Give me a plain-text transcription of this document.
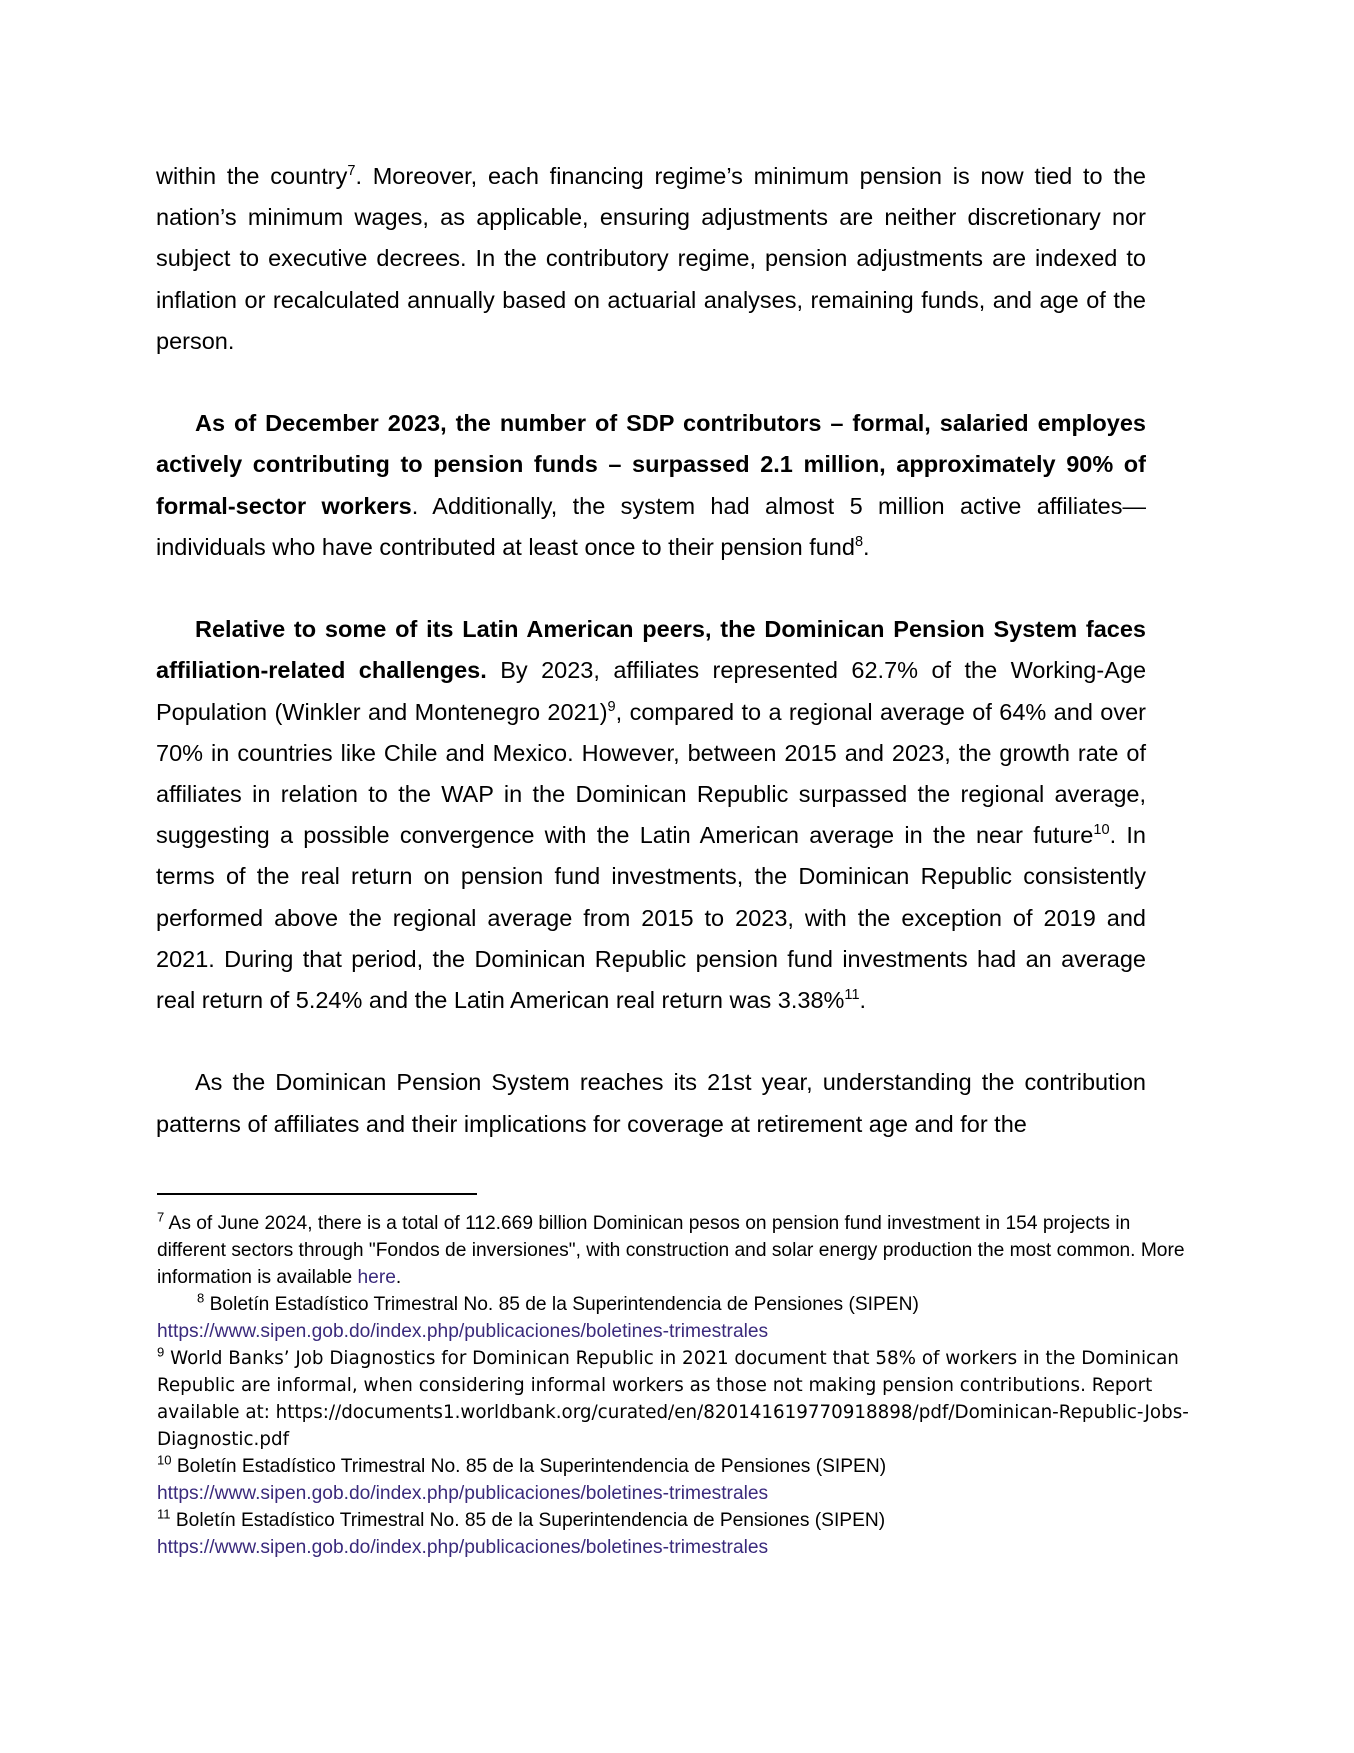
within the country$^7$. Moreover, each financing regime’s minimum pension is now tied to the nation’s minimum wages, as applicable, ensuring adjustments are neither discretionary nor subject to executive decrees. In the contributory regime, pension adjustments are indexed to inflation or recalculated annually based on actuarial analyses, remaining funds, and age of the person.

As of December 2023, the number of SDP contributors – formal, salaried employes actively contributing to pension funds – surpassed 2.1 million, approximately 90% of formal-sector workers. Additionally, the system had almost 5 million active affiliates—individuals who have contributed at least once to their pension fund$^8$.

Relative to some of its Latin American peers, the Dominican Pension System faces affiliation-related challenges. By 2023, affiliates represented 62.7% of the Working-Age Population (Winkler and Montenegro 2021)$^9$, compared to a regional average of 64% and over 70% in countries like Chile and Mexico. However, between 2015 and 2023, the growth rate of affiliates in relation to the WAP in the Dominican Republic surpassed the regional average, suggesting a possible convergence with the Latin American average in the near future$^{10}$. In terms of the real return on pension fund investments, the Dominican Republic consistently performed above the regional average from 2015 to 2023, with the exception of 2019 and 2021. During that period, the Dominican Republic pension fund investments had an average real return of 5.24% and the Latin American real return was 3.38%$^{11}$.

As the Dominican Pension System reaches its 21st year, understanding the contribution patterns of affiliates and their implications for coverage at retirement age and for the

$^7$ As of June 2024, there is a total of 112.669 billion Dominican pesos on pension fund investment in 154 projects in different sectors through "Fondos de inversiones", with construction and solar energy production the most common. More information is available here.

$^8$ Boletín Estadístico Trimestral No. 85 de la Superintendencia de Pensiones (SIPEN) https://www.sipen.gob.do/index.php/publicaciones/boletines-trimestrales

$^9$ World Banks’ Job Diagnostics for Dominican Republic in 2021 document that 58% of workers in the Dominican Republic are informal, when considering informal workers as those not making pension contributions. Report available at: https://documents1.worldbank.org/curated/en/820141619770918898/pdf/Dominican-Republic-Jobs-Diagnostic.pdf

$^{10}$ Boletín Estadístico Trimestral No. 85 de la Superintendencia de Pensiones (SIPEN) https://www.sipen.gob.do/index.php/publicaciones/boletines-trimestrales

$^{11}$ Boletín Estadístico Trimestral No. 85 de la Superintendencia de Pensiones (SIPEN) https://www.sipen.gob.do/index.php/publicaciones/boletines-trimestrales
